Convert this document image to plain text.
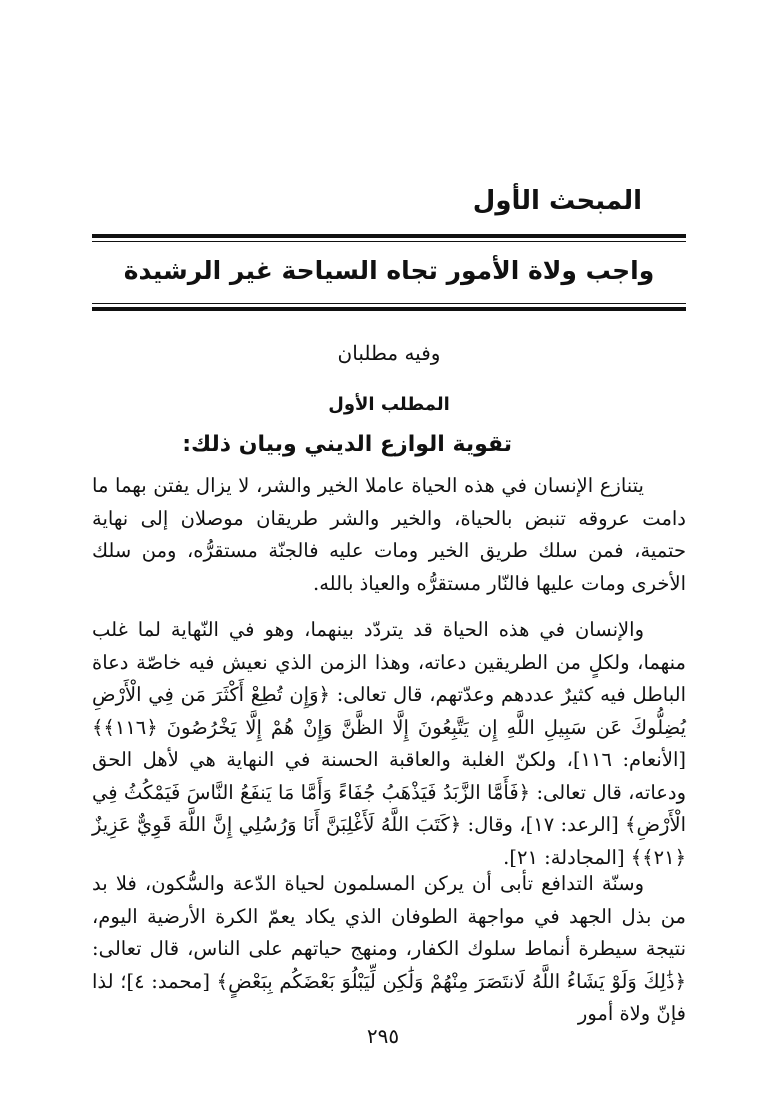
المبحث الأول
واجب ولاة الأمور تجاه السياحة غير الرشيدة
وفيه مطلبان
المطلب الأول
تقوية الوازع الديني وبيان ذلك:

يتنازع الإنسان في هذه الحياة عاملا الخير والشر، لا يزال يفتن بهما ما دامت عروقه تنبض بالحياة، والخير والشر طريقان موصلان إلى نهاية حتمية، فمن سلك طريق الخير ومات عليه فالجنّة مستقرُّه، ومن سلك الأخرى ومات عليها فالنّار مستقرُّه والعياذ بالله.

والإنسان في هذه الحياة قد يتردّد بينهما، وهو في النّهاية لما غلب منهما، ولكلٍ من الطريقين دعاته، وهذا الزمن الذي نعيش فيه خاصّة دعاة الباطل فيه كثيرٌ عددهم وعدّتهم، قال تعالى: ﴿وَإِن تُطِعْ أَكْثَرَ مَن فِي الْأَرْضِ يُضِلُّوكَ عَن سَبِيلِ اللَّهِ إِن يَتَّبِعُونَ إِلَّا الظَّنَّ وَإِنْ هُمْ إِلَّا يَخْرُصُونَ ﴿١١٦﴾﴾ [الأنعام: ١١٦]، ولكنّ الغلبة والعاقبة الحسنة في النهاية هي لأهل الحق ودعاته، قال تعالى: ﴿فَأَمَّا الزَّبَدُ فَيَذْهَبُ جُفَاءً وَأَمَّا مَا يَنفَعُ النَّاسَ فَيَمْكُثُ فِي الْأَرْضِ﴾ [الرعد: ١٧]، وقال: ﴿كَتَبَ اللَّهُ لَأَغْلِبَنَّ أَنَا وَرُسُلِي إِنَّ اللَّهَ قَوِيٌّ عَزِيزٌ ﴿٢١﴾﴾ [المجادلة: ٢١].

وسنّة التدافع تأبى أن يركن المسلمون لحياة الدّعة والسُّكون، فلا بد من بذل الجهد في مواجهة الطوفان الذي يكاد يعمّ الكرة الأرضية اليوم، نتيجة سيطرة أنماط سلوك الكفار، ومنهج حياتهم على الناس، قال تعالى: ﴿ذَٰلِكَ وَلَوْ يَشَاءُ اللَّهُ لَانتَصَرَ مِنْهُمْ وَلَٰكِن لِّيَبْلُوَ بَعْضَكُم بِبَعْضٍ﴾ [محمد: ٤]؛ لذا فإنّ ولاة أمور

٢٩٥
